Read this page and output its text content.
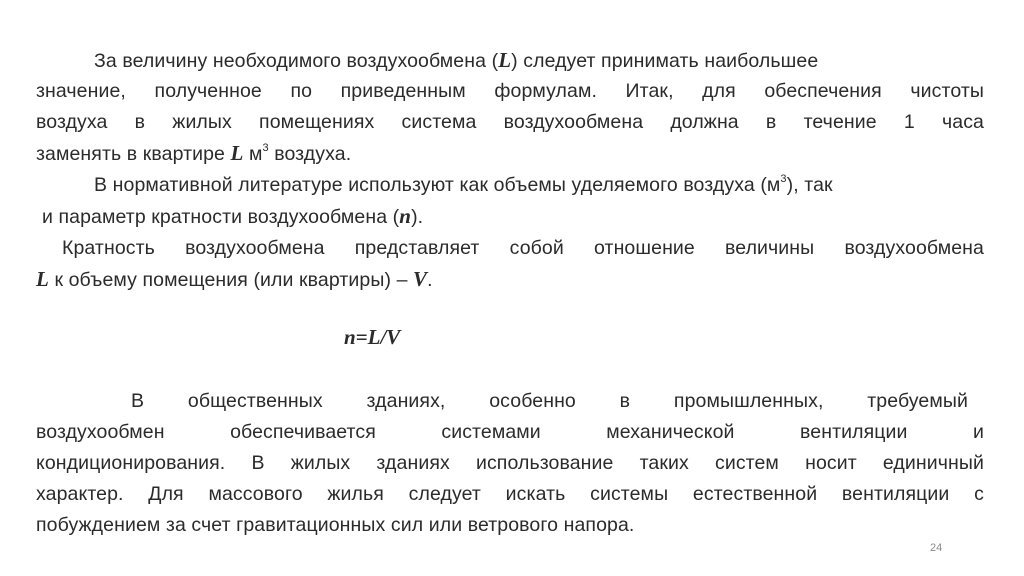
За величину необходимого воздухообмена (L) следует принимать наибольшее
значение, полученное по приведенным формулам. Итак, для обеспечения чистоты
воздуха в жилых помещениях система воздухообмена должна в течение 1 часа
заменять в квартире L $м^3$ воздуха.
В нормативной литературе используют как объемы уделяемого воздуха $(м^3)$, так
и параметр кратности воздухообмена (n).
Кратность воздухообмена представляет собой отношение величины воздухообмена
L к объему помещения (или квартиры) – V.
n=L/V
В общественных зданиях, особенно в промышленных, требуемый
воздухообмен обеспечивается системами механической вентиляции и
кондиционирования. В жилых зданиях использование таких систем носит единичный
характер. Для массового жилья следует искать системы естественной вентиляции с
побуждением за счет гравитационных сил или ветрового напора.
24
